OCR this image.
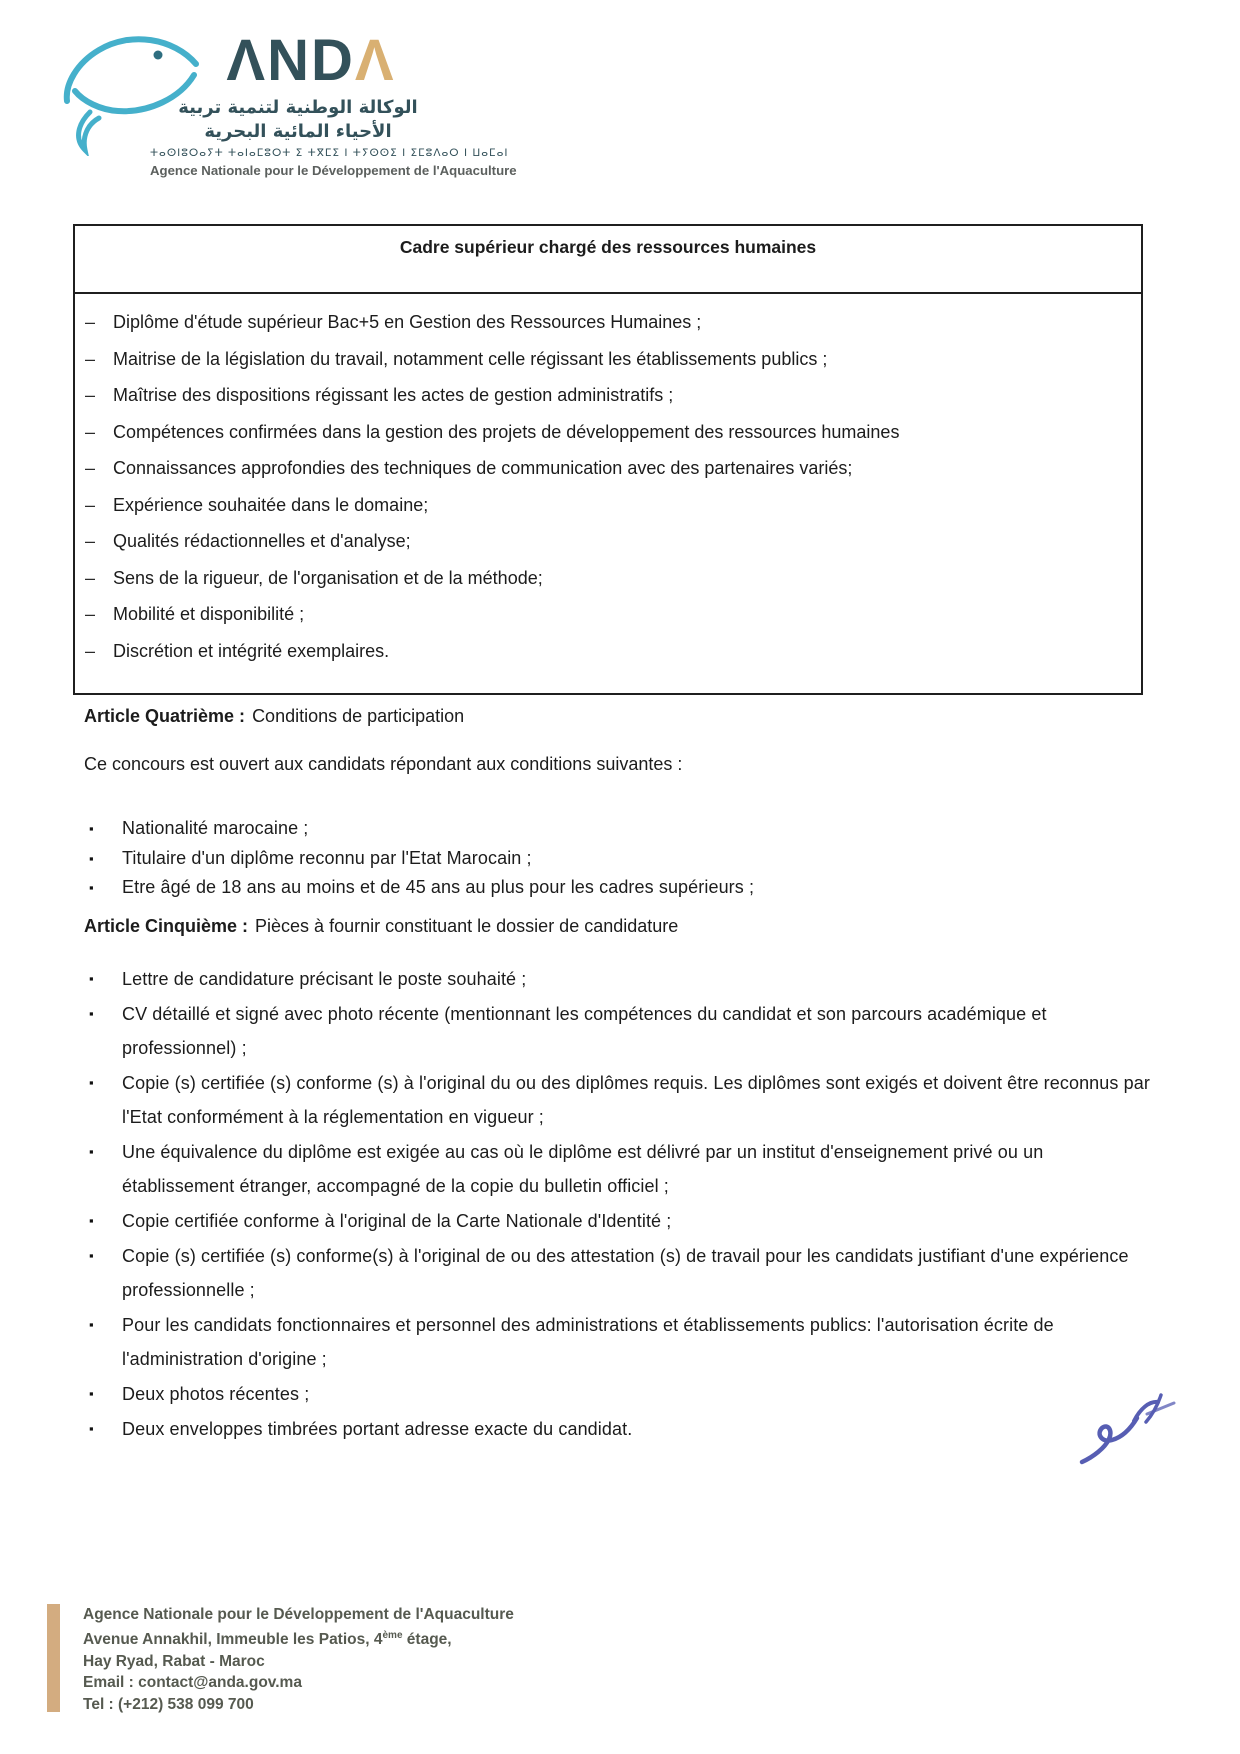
ΛNDΛ
الوكالة الوطنية لتنمية تربية الأحياء المائية البحرية
ⵜⴰⵙⵏⵓⵔⴰⵢⵜ ⵜⴰⵏⴰⵎⵓⵔⵜ ⵉ ⵜⴳⵎⵉ ⵏ ⵜⵢⵙⵙⵉ ⵏ ⵉⵎⵓⴷⴰⵔ ⵏ ⵡⴰⵎⴰⵏ
Agence Nationale pour le Développement de l'Aquaculture
Cadre supérieur chargé des ressources humaines
– Diplôme d'étude supérieur Bac+5 en Gestion des Ressources Humaines ;
– Maitrise de la législation du travail, notamment celle régissant les établissements publics ;
– Maîtrise des dispositions régissant les actes de gestion administratifs ;
– Compétences confirmées dans la gestion des projets de développement des ressources humaines
– Connaissances approfondies des techniques de communication avec des partenaires variés;
– Expérience souhaitée dans le domaine;
– Qualités rédactionnelles et d'analyse;
– Sens de la rigueur, de l'organisation et de la méthode;
– Mobilité et disponibilité ;
– Discrétion et intégrité exemplaires.
Article Quatrième : Conditions de participation
Ce concours est ouvert aux candidats répondant aux conditions suivantes :
▪	Nationalité marocaine ;
▪	Titulaire d'un diplôme reconnu par l'Etat Marocain ;
▪	Etre âgé de 18 ans au moins et de 45 ans au plus pour les cadres supérieurs ;
Article Cinquième : Pièces à fournir constituant le dossier de candidature
▪	Lettre de candidature précisant le poste souhaité ;
▪	CV détaillé et signé avec photo récente (mentionnant les compétences du candidat et son parcours académique et professionnel) ;
▪	Copie (s) certifiée (s) conforme (s) à l'original du ou des diplômes requis. Les diplômes sont exigés et doivent être reconnus par l'Etat conformément à la réglementation en vigueur ;
▪	Une équivalence du diplôme est exigée au cas où le diplôme est délivré par un institut d'enseignement privé ou un établissement étranger, accompagné de la copie du bulletin officiel ;
▪	Copie certifiée conforme à l'original de la Carte Nationale d'Identité ;
▪	Copie (s) certifiée (s) conforme(s) à l'original de ou des attestation (s) de travail pour les candidats justifiant d'une expérience professionnelle ;
▪	Pour les candidats fonctionnaires et personnel des administrations et établissements publics: l'autorisation écrite de l'administration d'origine ;
▪	Deux photos récentes ;
▪	Deux enveloppes timbrées portant adresse exacte du candidat.
Agence Nationale pour le Développement de l'Aquaculture
Avenue Annakhil, Immeuble les Patios, 4ème étage,
Hay Ryad, Rabat - Maroc
Email : contact@anda.gov.ma
Tel : (+212) 538 099 700
